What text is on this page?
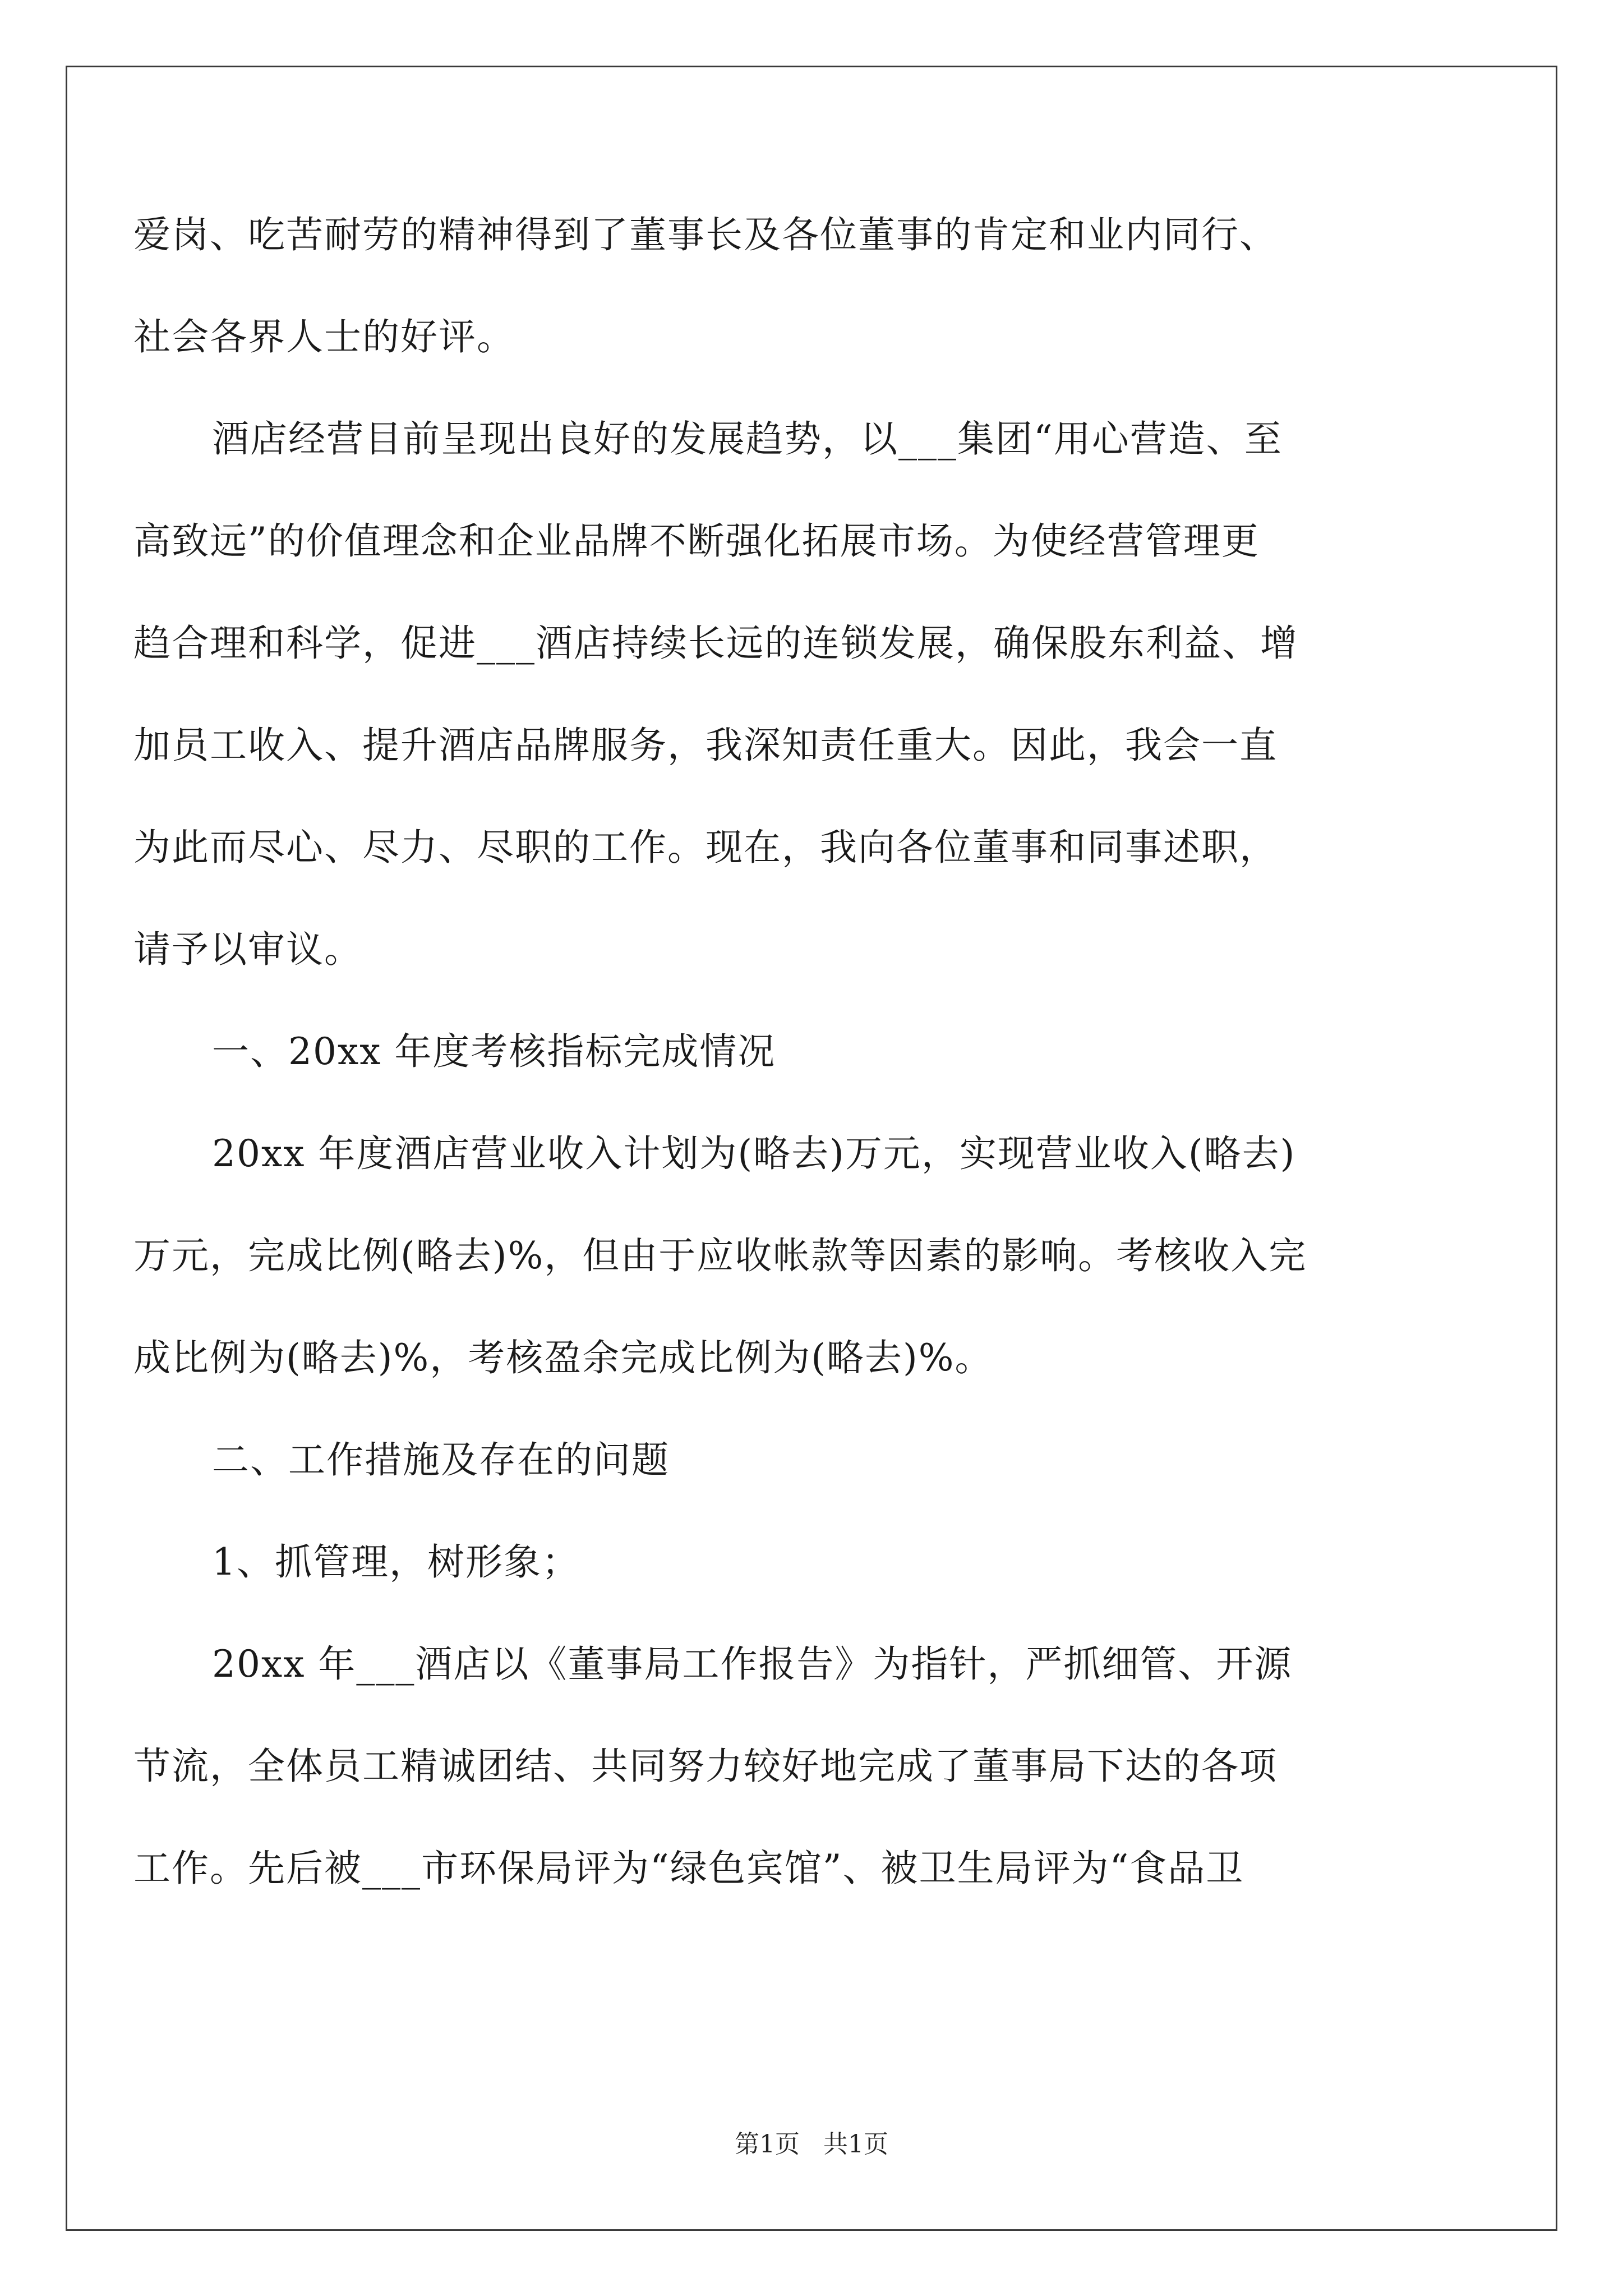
爱岗、吃苦耐劳的精神得到了董事长及各位董事的肯定和业内同行、
社会各界人士的好评。
酒店经营目前呈现出良好的发展趋势，以___集团“用心营造、至
高致远”的价值理念和企业品牌不断强化拓展市场。为使经营管理更
趋合理和科学，促进___酒店持续长远的连锁发展，确保股东利益、增
加员工收入、提升酒店品牌服务，我深知责任重大。因此，我会一直
为此而尽心、尽力、尽职的工作。现在，我向各位董事和同事述职，
请予以审议。
一、20xx 年度考核指标完成情况
20xx 年度酒店营业收入计划为(略去)万元，实现营业收入(略去)
万元，完成比例(略去)%，但由于应收帐款等因素的影响。考核收入完
成比例为(略去)%，考核盈余完成比例为(略去)%。
二、工作措施及存在的问题
1、抓管理，树形象；
20xx 年___酒店以《董事局工作报告》为指针，严抓细管、开源
节流，全体员工精诚团结、共同努力较好地完成了董事局下达的各项
工作。先后被___市环保局评为“绿色宾馆”、被卫生局评为“食品卫
第1页   共1页
